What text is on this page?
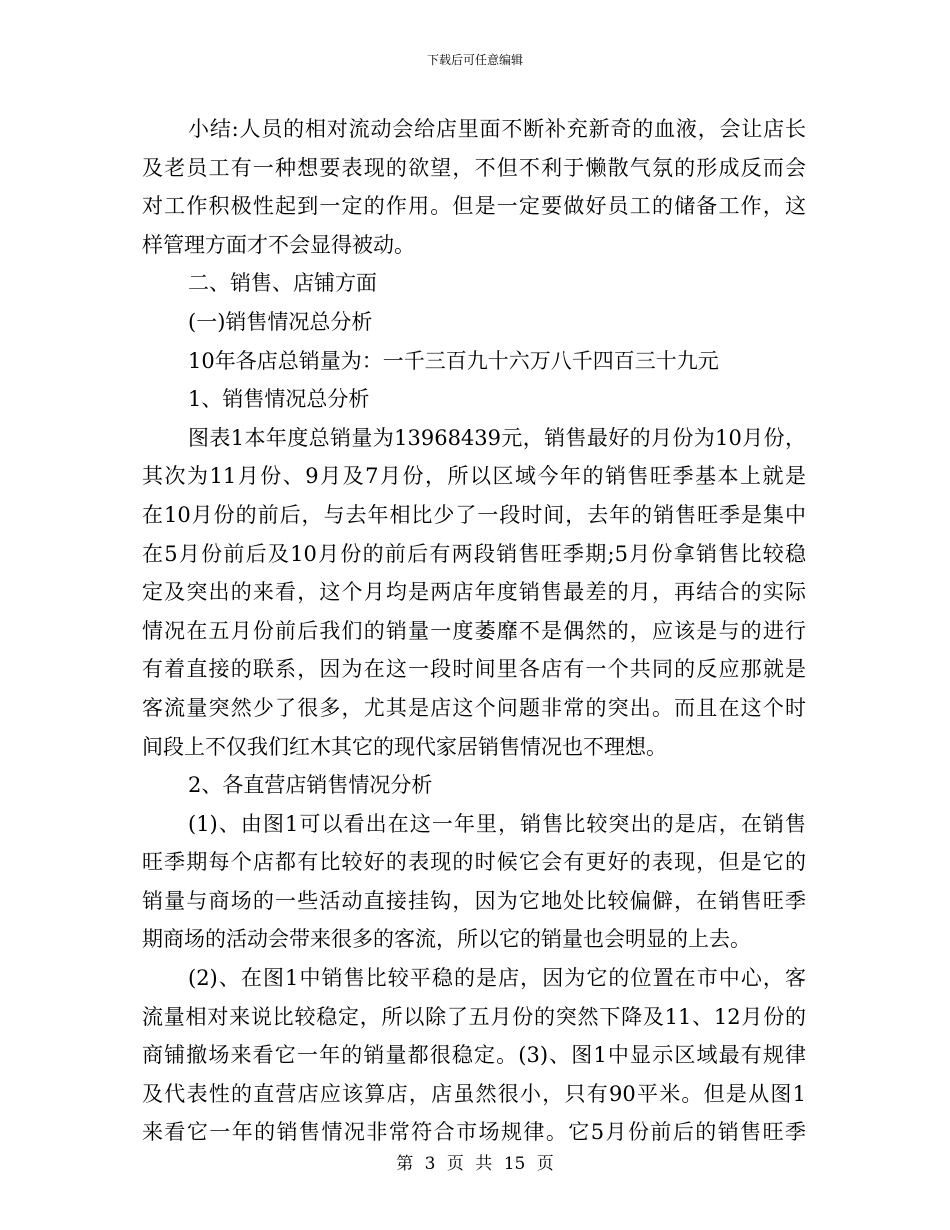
下载后可任意编辑
小结:人员的相对流动会给店里面不断补充新奇的血液，会让店长
及老员工有一种想要表现的欲望，不但不利于懒散气氛的形成反而会
对工作积极性起到一定的作用。但是一定要做好员工的储备工作，这
样管理方面才不会显得被动。
二、销售、店铺方面
(一)销售情况总分析
10年各店总销量为：一千三百九十六万八千四百三十九元
1、销售情况总分析
图表1本年度总销量为13968439元，销售最好的月份为10月份，
其次为11月份、9月及7月份，所以区域今年的销售旺季基本上就是
在10月份的前后，与去年相比少了一段时间，去年的销售旺季是集中
在5月份前后及10月份的前后有两段销售旺季期;5月份拿销售比较稳
定及突出的来看，这个月均是两店年度销售最差的月，再结合的实际
情况在五月份前后我们的销量一度萎靡不是偶然的，应该是与的进行
有着直接的联系，因为在这一段时间里各店有一个共同的反应那就是
客流量突然少了很多，尤其是店这个问题非常的突出。而且在这个时
间段上不仅我们红木其它的现代家居销售情况也不理想。
2、各直营店销售情况分析
(1)、由图1可以看出在这一年里，销售比较突出的是店，在销售
旺季期每个店都有比较好的表现的时候它会有更好的表现，但是它的
销量与商场的一些活动直接挂钩，因为它地处比较偏僻，在销售旺季
期商场的活动会带来很多的客流，所以它的销量也会明显的上去。
(2)、在图1中销售比较平稳的是店，因为它的位置在市中心，客
流量相对来说比较稳定，所以除了五月份的突然下降及11、12月份的
商铺撤场来看它一年的销量都很稳定。(3)、图1中显示区域最有规律
及代表性的直营店应该算店，店虽然很小，只有90平米。但是从图1
来看它一年的销售情况非常符合市场规律。它5月份前后的销售旺季
第 3 页 共 15 页
